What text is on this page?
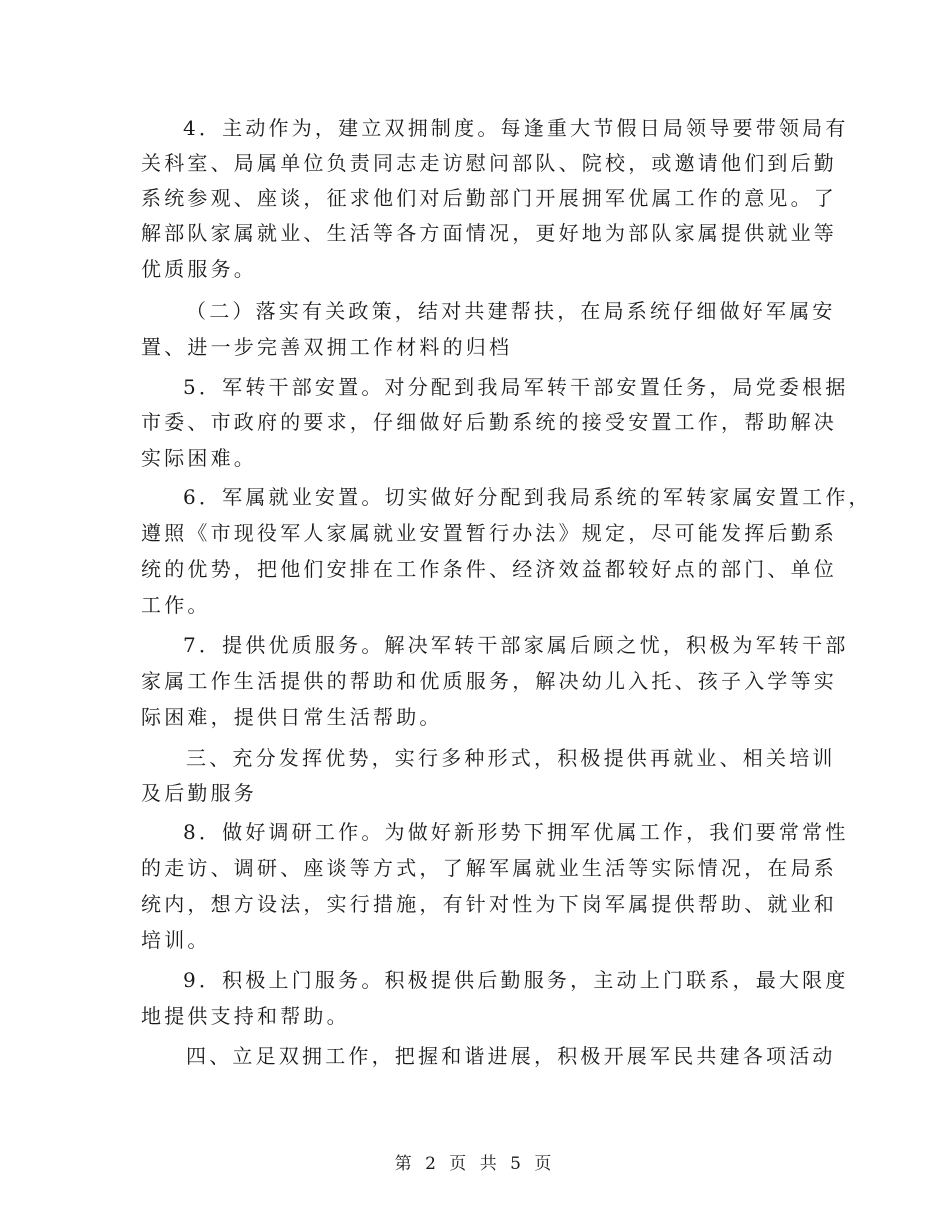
4．主动作为，建立双拥制度。每逢重大节假日局领导要带领局有
关科室、局属单位负责同志走访慰问部队、院校，或邀请他们到后勤
系统参观、座谈，征求他们对后勤部门开展拥军优属工作的意见。了
解部队家属就业、生活等各方面情况，更好地为部队家属提供就业等
优质服务。
（二）落实有关政策，结对共建帮扶，在局系统仔细做好军属安
置、进一步完善双拥工作材料的归档
5．军转干部安置。对分配到我局军转干部安置任务，局党委根据
市委、市政府的要求，仔细做好后勤系统的接受安置工作，帮助解决
实际困难。
6．军属就业安置。切实做好分配到我局系统的军转家属安置工作，
遵照《市现役军人家属就业安置暂行办法》规定，尽可能发挥后勤系
统的优势，把他们安排在工作条件、经济效益都较好点的部门、单位
工作。
7．提供优质服务。解决军转干部家属后顾之忧，积极为军转干部
家属工作生活提供的帮助和优质服务，解决幼儿入托、孩子入学等实
际困难，提供日常生活帮助。
三、充分发挥优势，实行多种形式，积极提供再就业、相关培训
及后勤服务
8．做好调研工作。为做好新形势下拥军优属工作，我们要常常性
的走访、调研、座谈等方式，了解军属就业生活等实际情况，在局系
统内，想方设法，实行措施，有针对性为下岗军属提供帮助、就业和
培训。
9．积极上门服务。积极提供后勤服务，主动上门联系，最大限度
地提供支持和帮助。
四、立足双拥工作，把握和谐进展，积极开展军民共建各项活动
第 2 页 共 5 页
